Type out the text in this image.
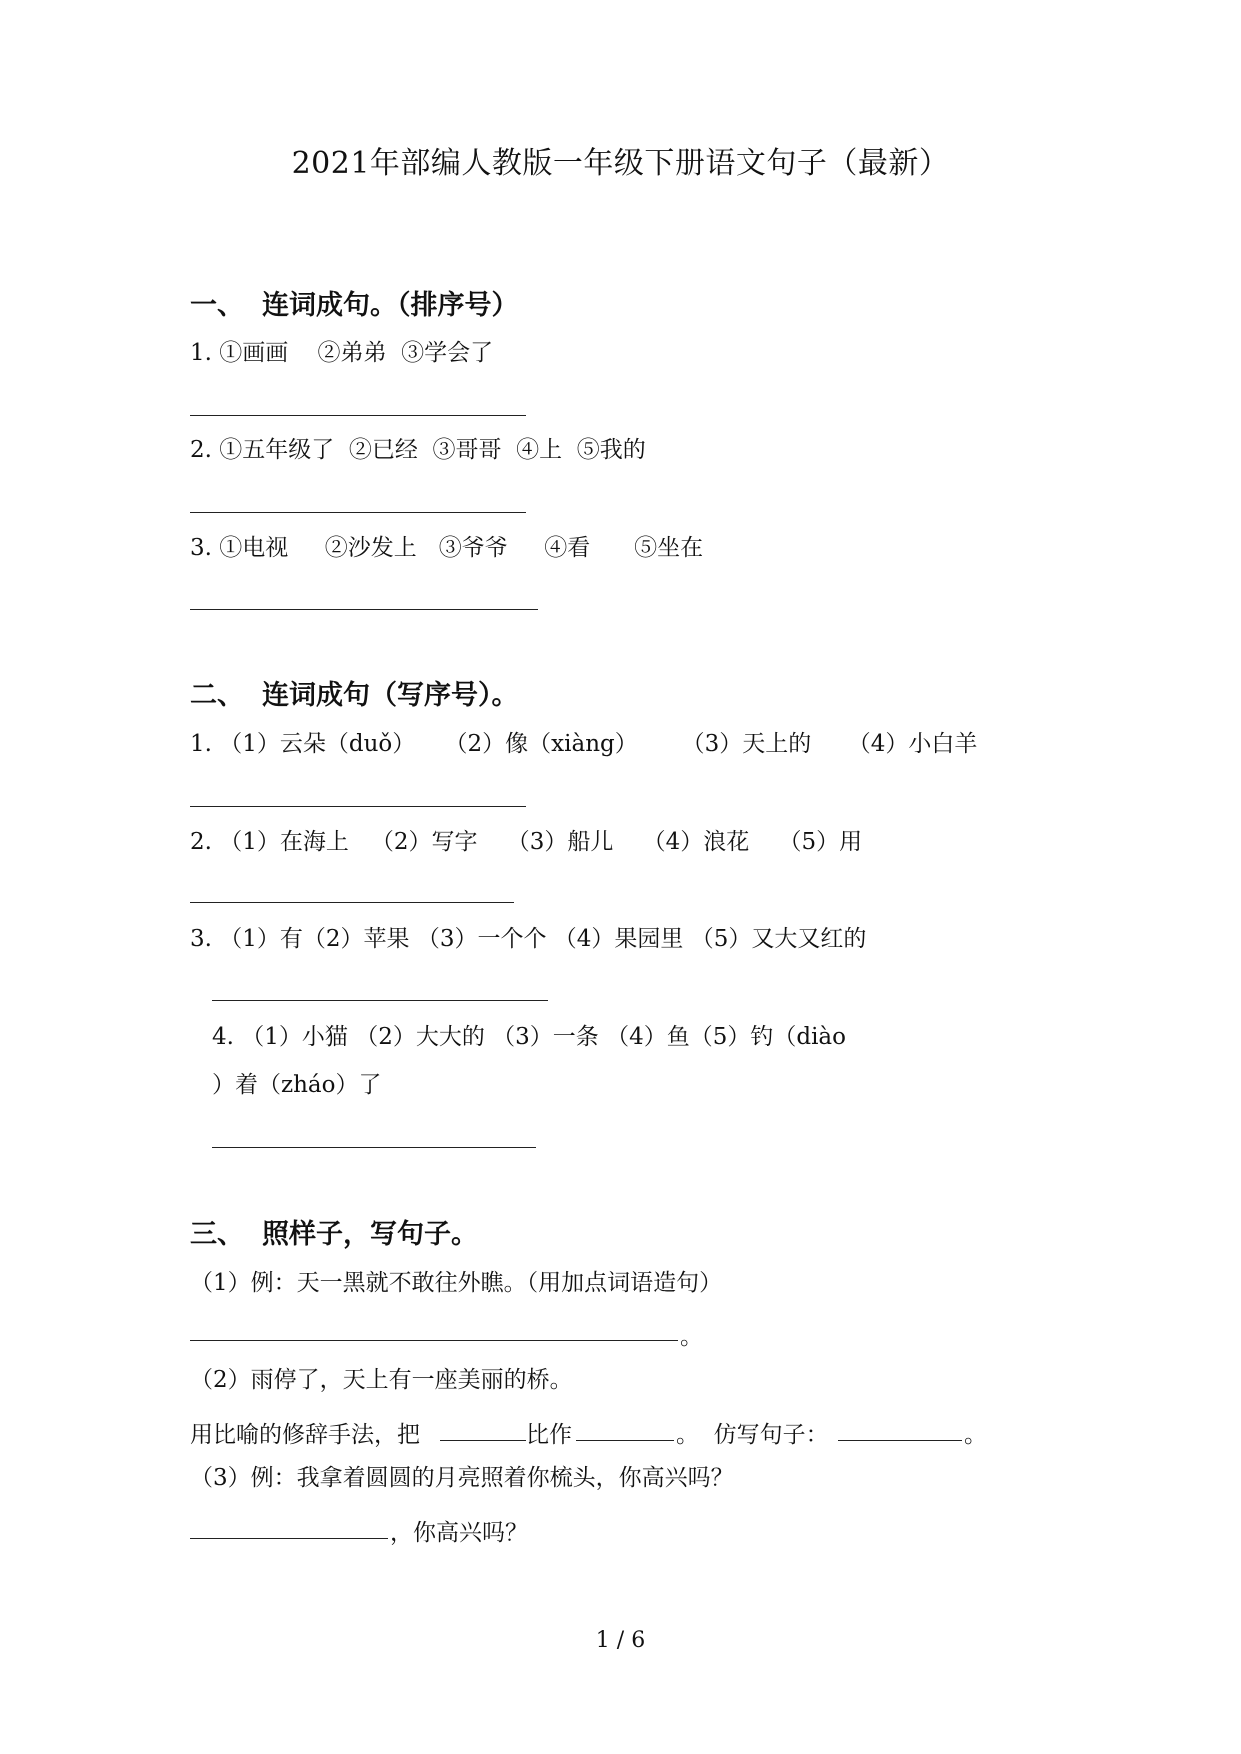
2021年部编人教版一年级下册语文句子（最新）
一、 连词成句。（排序号）
1. ①画画    ②弟弟  ③学会了
2. ①五年级了  ②已经  ③哥哥  ④上  ⑤我的
3. ①电视     ②沙发上   ③爷爷     ④看      ⑤坐在
二、 连词成句（写序号）。
1. （1）云朵（duǒ）    （2）像（xiàng）      （3）天上的     （4）小白羊
2. （1）在海上   （2）写字    （3）船儿    （4）浪花    （5）用
3. （1）有（2）苹果 （3）一个个 （4）果园里 （5）又大又红的
4. （1）小猫 （2）大大的 （3）一条 （4）鱼（5）钓（diào
）着（zháo）了
三、 照样子，写句子。
（1）例：天一黑就不敢往外瞧。（用加点词语造句）
。
（2）雨停了，天上有一座美丽的桥。
用比喻的修辞手法，把	比作	。  仿写句子：	。
（3）例：我拿着圆圆的月亮照着你梳头，你高兴吗？
，你高兴吗？
1 / 6
